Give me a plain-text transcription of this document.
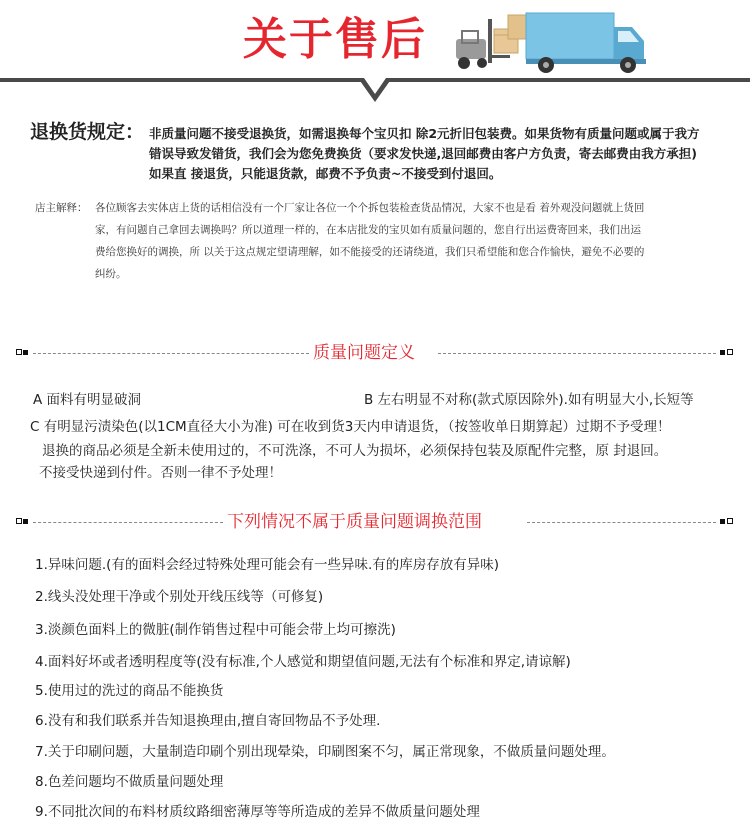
关于售后
退换货规定： 非质量问题不接受退换货，如需退换每个宝贝扣 除2元折旧包装费。如果货物有质量问题或属于我方
错误导致发错货，我们会为您免费换货（要求发快递,退回邮费由客户方负责，寄去邮费由我方承担)
如果直 接退货，只能退货款，邮费不予负责~不接受到付退回。
店主解释： 各位顾客去实体店上货的话相信没有一个厂家让各位一个个拆包装检查货品情况，大家不也是看 着外观没问题就上货回
家，有问题自己拿回去调换吗？所以道理一样的，在本店批发的宝贝如有质量问题的，您自行出运费寄回来，我们出运
费给您换好的调换，所 以关于这点规定望请理解，如不能接受的还请绕道，我们只希望能和您合作愉快，避免不必要的
纠纷。
质量问题定义
A 面料有明显破洞	B 左右明显不对称(款式原因除外).如有明显大小,长短等
C 有明显污渍染色(以1CM直径大小为准) 可在收到货3天内申请退货，（按签收单日期算起）过期不予受理！
退换的商品必须是全新未使用过的，不可洗涤，不可人为损坏，必须保持包装及原配件完整，原 封退回。
不接受快递到付件。否则一律不予处理！
下列情况不属于质量问题调换范围
1.异味问题.(有的面料会经过特殊处理可能会有一些异味.有的库房存放有异味)
2.线头没处理干净或个别处开线压线等（可修复)
3.淡颜色面料上的微脏(制作销售过程中可能会带上均可擦洗)
4.面料好坏或者透明程度等(没有标准,个人感觉和期望值问题,无法有个标准和界定,请谅解)
5.使用过的洗过的商品不能换货
6.没有和我们联系并告知退换理由,擅自寄回物品不予处理.
7.关于印刷问题，大量制造印刷个别出现晕染，印刷图案不匀，属正常现象，不做质量问题处理。
8.色差问题均不做质量问题处理
9.不同批次间的布料材质纹路细密薄厚等等所造成的差异不做质量问题处理
